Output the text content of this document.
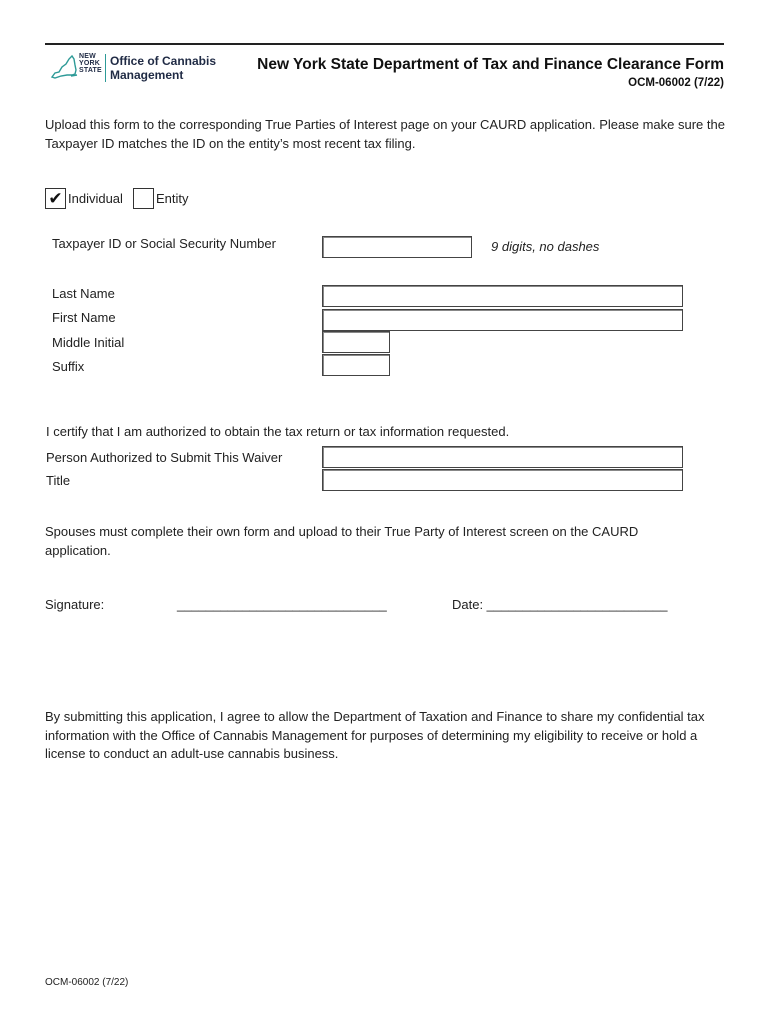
NEW
YORK
STATE
Office of Cannabis
Management
New York State Department of Tax and Finance Clearance Form
OCM-06002 (7/22)
Upload this form to the corresponding True Parties of Interest page on your CAURD application. Please make sure the Taxpayer ID matches the ID on the entity’s most recent tax filing.
✔ Individual	Entity
Taxpayer ID or Social Security Number	9 digits, no dashes
Last Name
First Name
Middle Initial
Suffix
I certify that I am authorized to obtain the tax return or tax information requested.
Person Authorized to Submit This Waiver
Title
Spouses must complete their own form and upload to their True Party of Interest screen on the CAURD application.
Signature:	_____________________________	Date: _________________________
By submitting this application, I agree to allow the Department of Taxation and Finance to share my confidential tax information with the Office of Cannabis Management for purposes of determining my eligibility to receive or hold a license to conduct an adult-use cannabis business.
OCM-06002 (7/22)
